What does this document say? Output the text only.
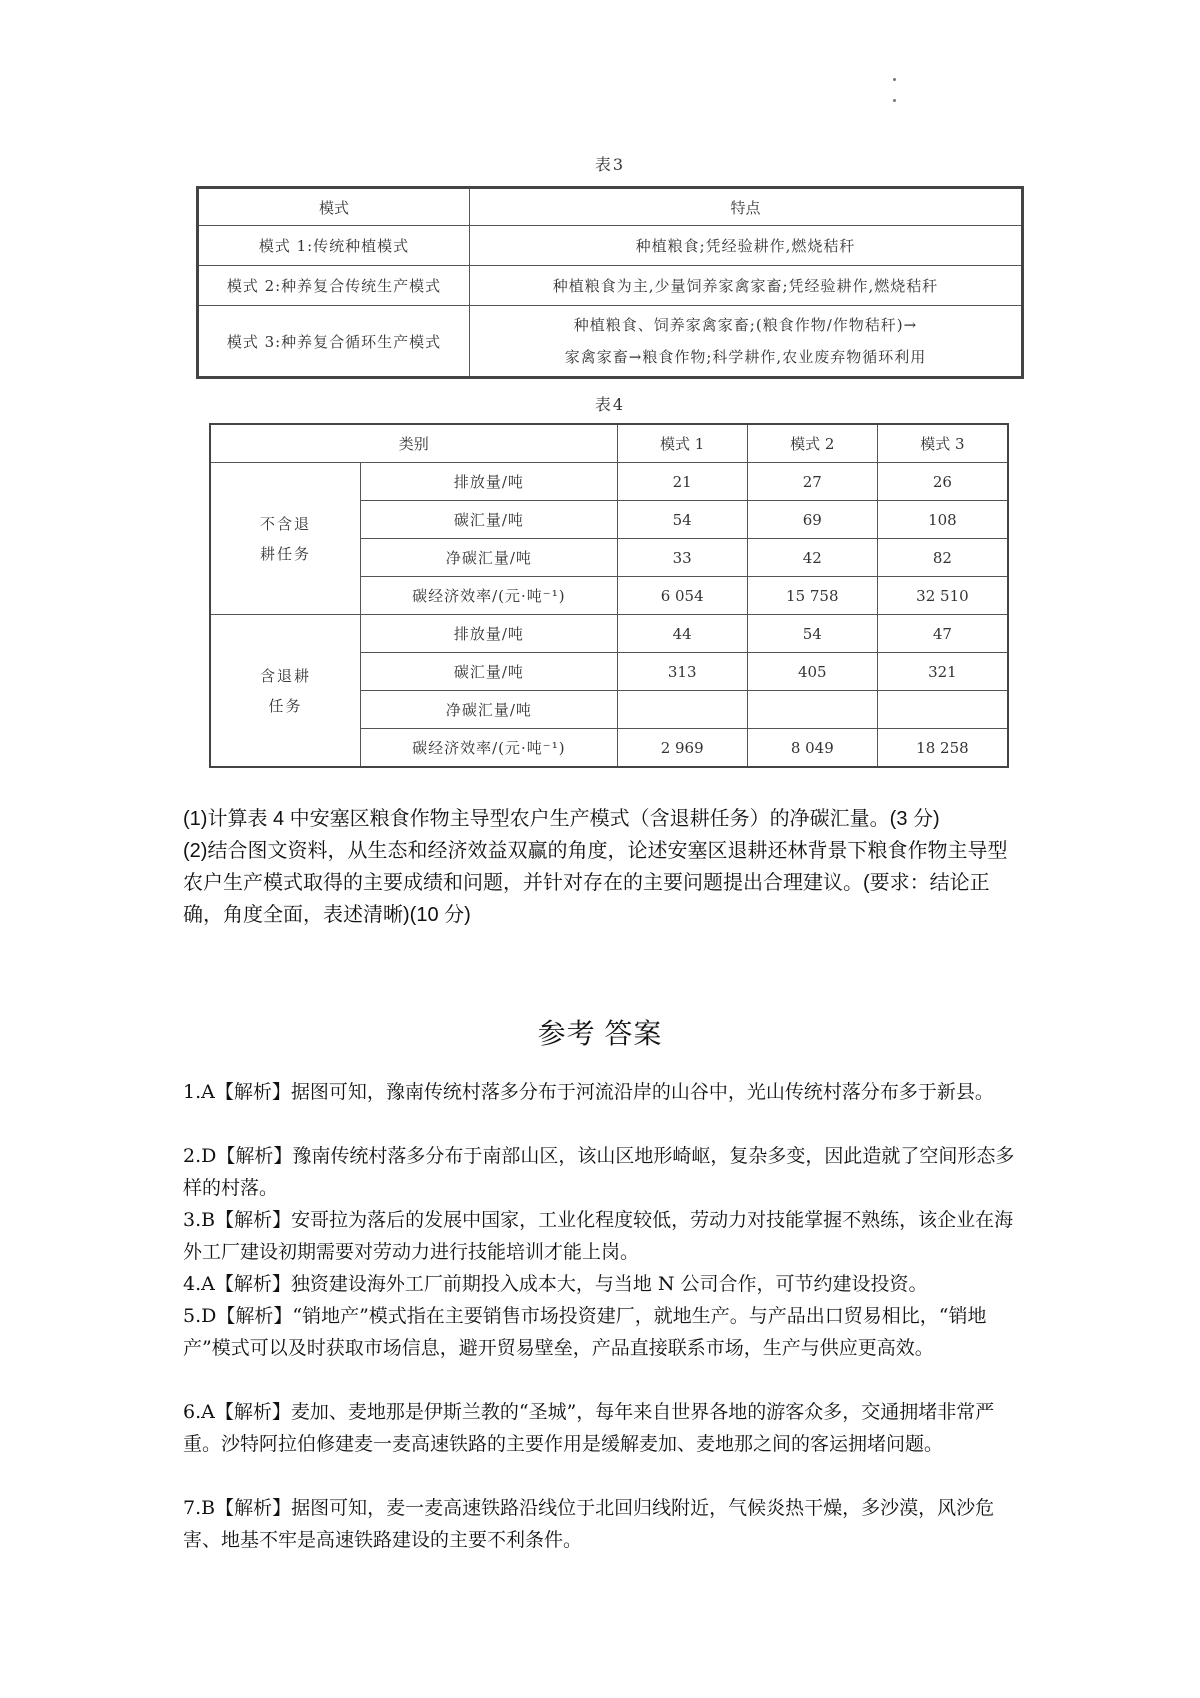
表3
模式	特点
模式 1:传统种植模式	种植粮食;凭经验耕作,燃烧秸秆
模式 2:种养复合传统生产模式	种植粮食为主,少量饲养家禽家畜;凭经验耕作,燃烧秸秆
模式 3:种养复合循环生产模式	种植粮食、饲养家禽家畜;(粮食作物/作物秸秆)→
家禽家畜→粮食作物;科学耕作,农业废弃物循环利用
表4
类别		模式 1	模式 2	模式 3

不含退
耕任务	排放量/吨	21	27	26
	碳汇量/吨	54	69	108
	净碳汇量/吨	33	42	82
	碳经济效率/(元·吨⁻¹)	6 054	15 758	32 510

含退耕
任务	排放量/吨	44	54	47
	碳汇量/吨	313	405	321
	净碳汇量/吨			
	碳经济效率/(元·吨⁻¹)	2 969	8 049	18 258
(1)计算表 4 中安塞区粮食作物主导型农户生产模式（含退耕任务）的净碳汇量。(3 分)
(2)结合图文资料，从生态和经济效益双赢的角度，论述安塞区退耕还林背景下粮食作物主导型农户生产模式取得的主要成绩和问题，并针对存在的主要问题提出合理建议。(要求：结论正确，角度全面，表述清晰)(10 分)
参考 答案
1.A【解析】据图可知，豫南传统村落多分布于河流沿岸的山谷中，光山传统村落分布多于新县。
2.D【解析】豫南传统村落多分布于南部山区，该山区地形崎岖，复杂多变，因此造就了空间形态多样的村落。
3.B【解析】安哥拉为落后的发展中国家，工业化程度较低，劳动力对技能掌握不熟练，该企业在海外工厂建设初期需要对劳动力进行技能培训才能上岗。
4.A【解析】独资建设海外工厂前期投入成本大，与当地 N 公司合作，可节约建设投资。
5.D【解析】“销地产”模式指在主要销售市场投资建厂，就地生产。与产品出口贸易相比，“销地产”模式可以及时获取市场信息，避开贸易壁垒，产品直接联系市场，生产与供应更高效。
6.A【解析】麦加、麦地那是伊斯兰教的“圣城”，每年来自世界各地的游客众多，交通拥堵非常严重。沙特阿拉伯修建麦一麦高速铁路的主要作用是缓解麦加、麦地那之间的客运拥堵问题。
7.B【解析】据图可知，麦一麦高速铁路沿线位于北回归线附近，气候炎热干燥，多沙漠，风沙危害、地基不牢是高速铁路建设的主要不利条件。
